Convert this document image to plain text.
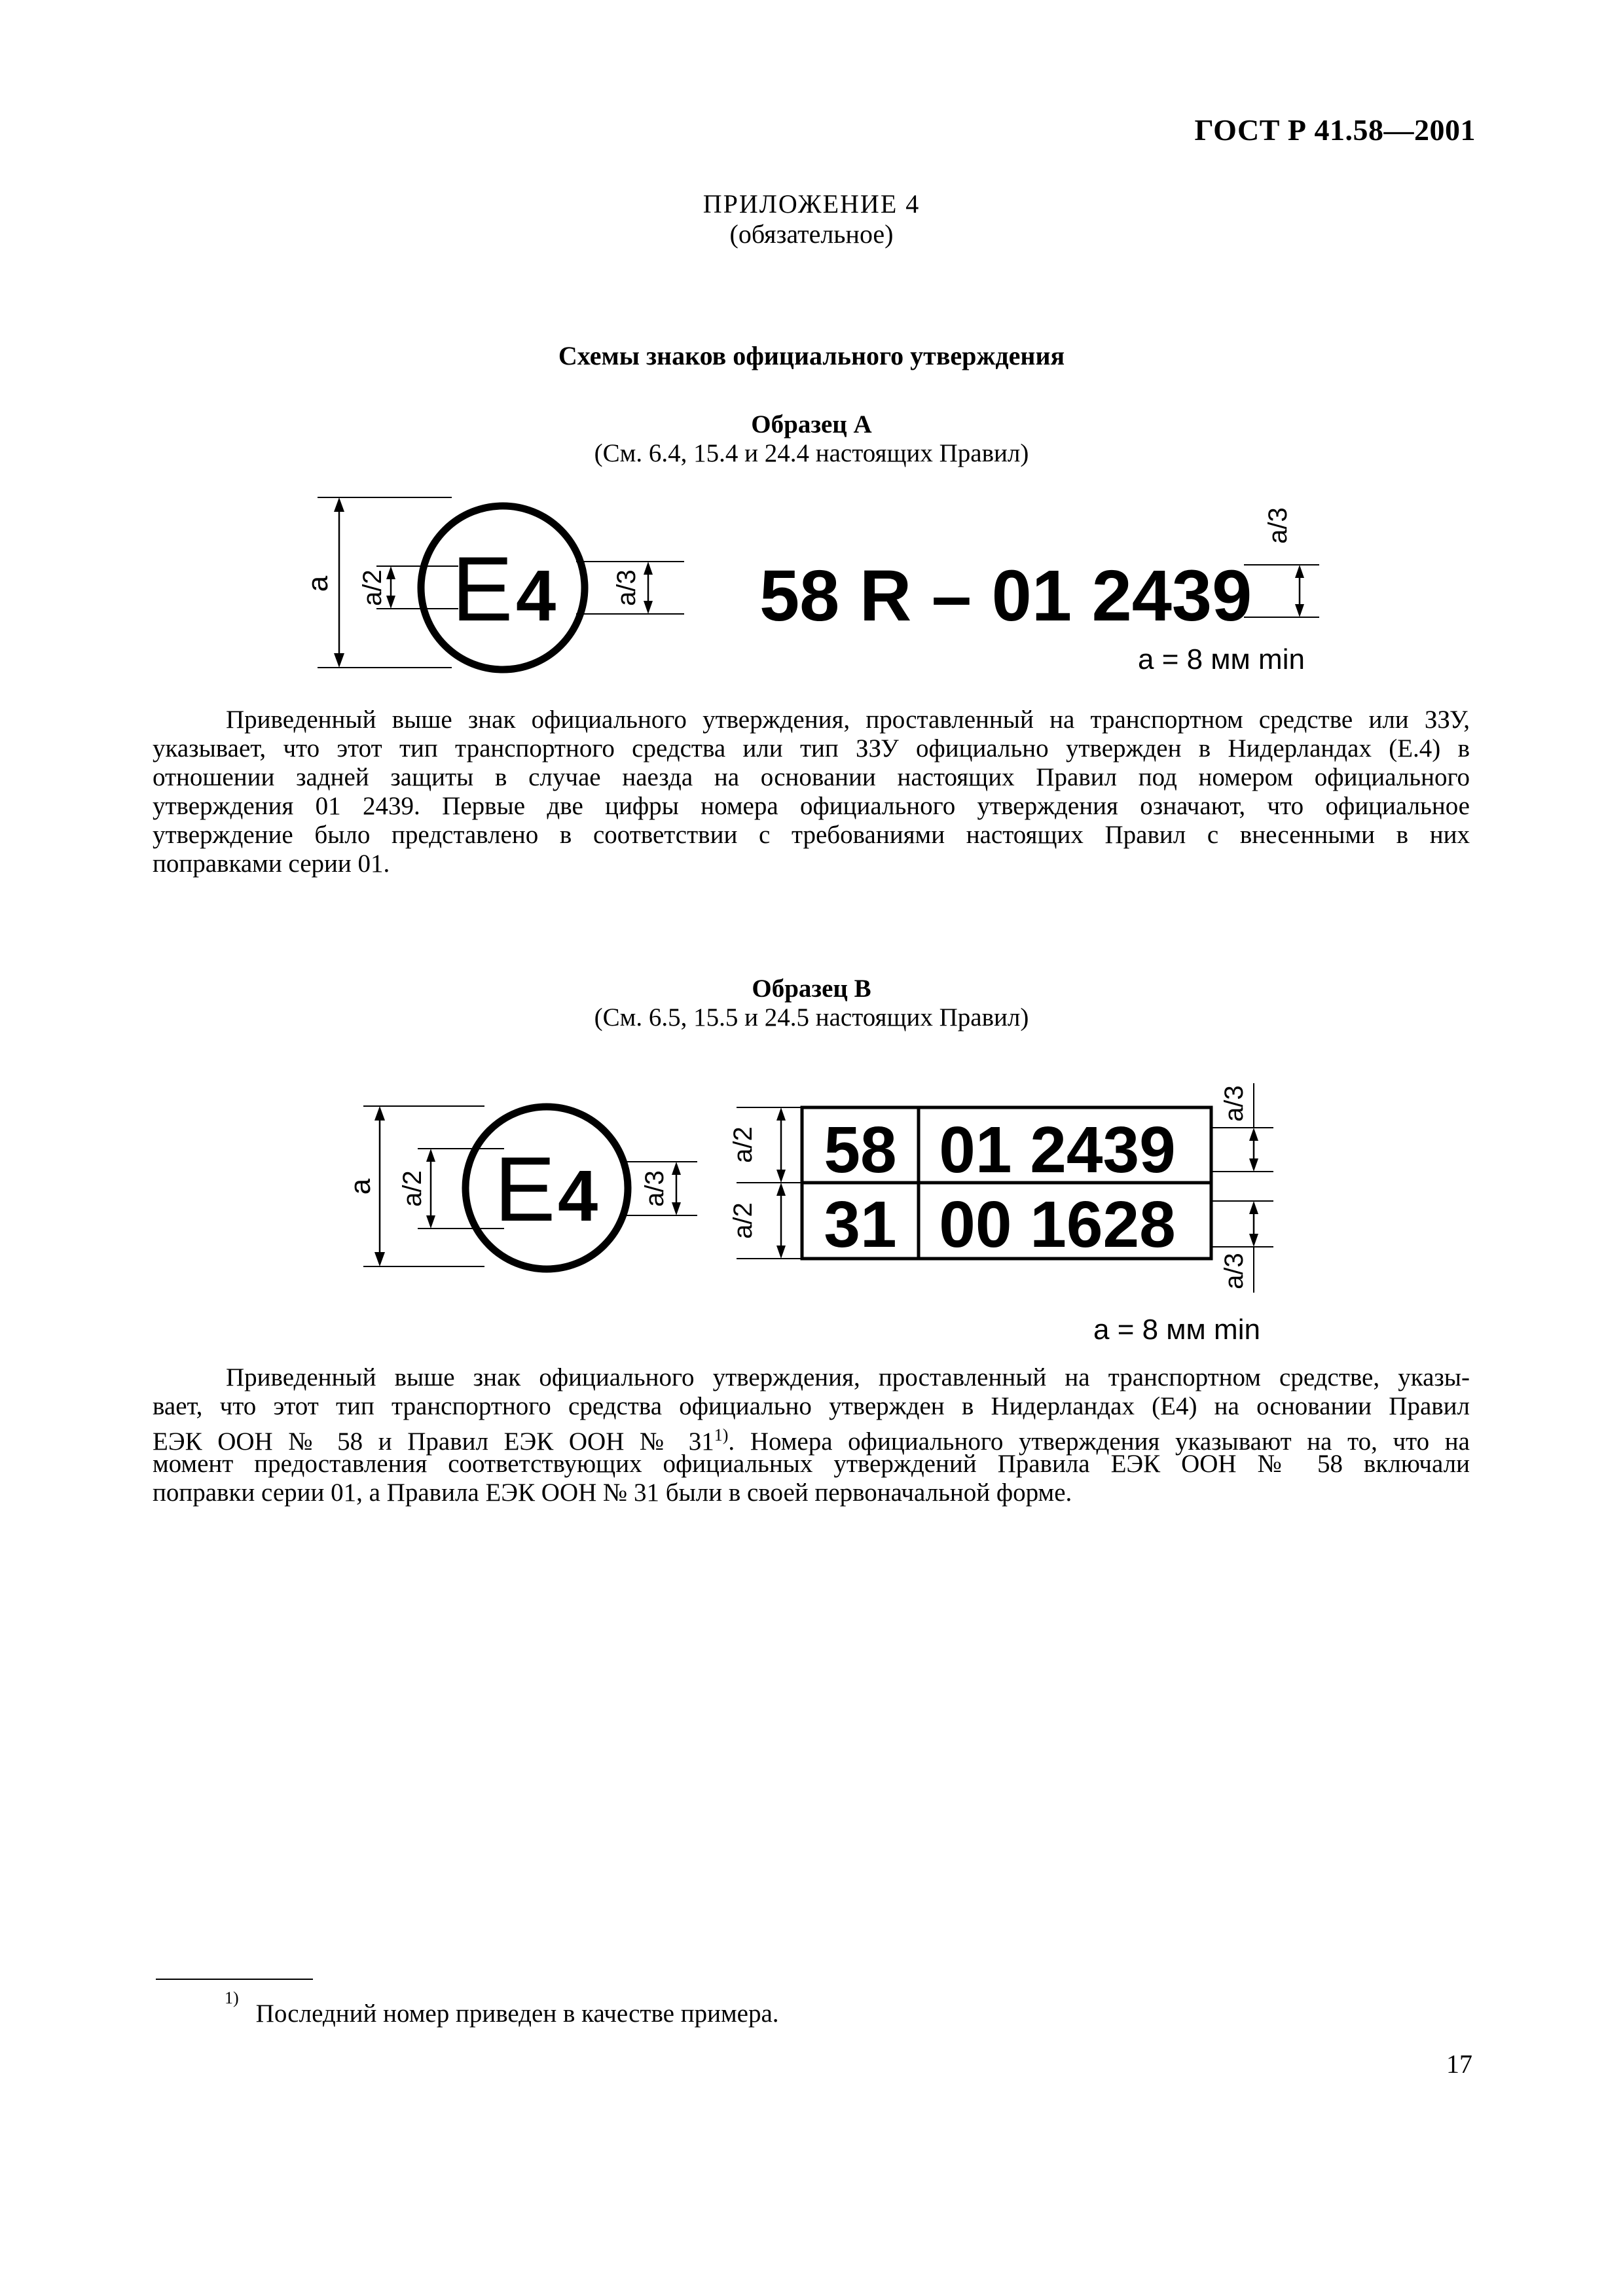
ГОСТ Р 41.58—2001
ПРИЛОЖЕНИЕ 4
(обязательное)
Схемы знаков официального утверждения
Образец А
(См. 6.4, 15.4 и 24.4 настоящих Правил)
a a/2 E 4 a/3 58 R – 01 2439
a/3
а = 8 мм min
Приведенный выше знак официального утверждения, проставленный на транспортном средстве или ЗЗУ,
указывает, что этот тип транспортного средства или тип ЗЗУ официально утвержден в Нидерландах (Е.4) в
отношении задней защиты в случае наезда на основании настоящих Правил под номером официального
утверждения 01 2439. Первые две цифры номера официального утверждения означают, что официальное
утверждение было представлено в соответствии с требованиями настоящих Правил с внесенными в них
поправками серии 01.
Образец В
(См. 6.5, 15.5 и 24.5 настоящих Правил)
a a/2 E 4 a/3
a/2
a/2
58 01 2439
31 00 1628
a/3
a/3
а = 8 мм min
Приведенный выше знак официального утверждения, проставленный на транспортном средстве, указы-
вает, что этот тип транспортного средства официально утвержден в Нидерландах (Е4) на основании Правил
ЕЭК ООН № 58 и Правил ЕЭК ООН № 31$^{1)}$. Номера официального утверждения указывают на то, что на
момент предоставления соответствующих официальных утверждений Правила ЕЭК ООН № 58 включали
поправки серии 01, а Правила ЕЭК ООН № 31 были в своей первоначальной форме.
$^{1)}$Последний номер приведен в качестве примера.
17
